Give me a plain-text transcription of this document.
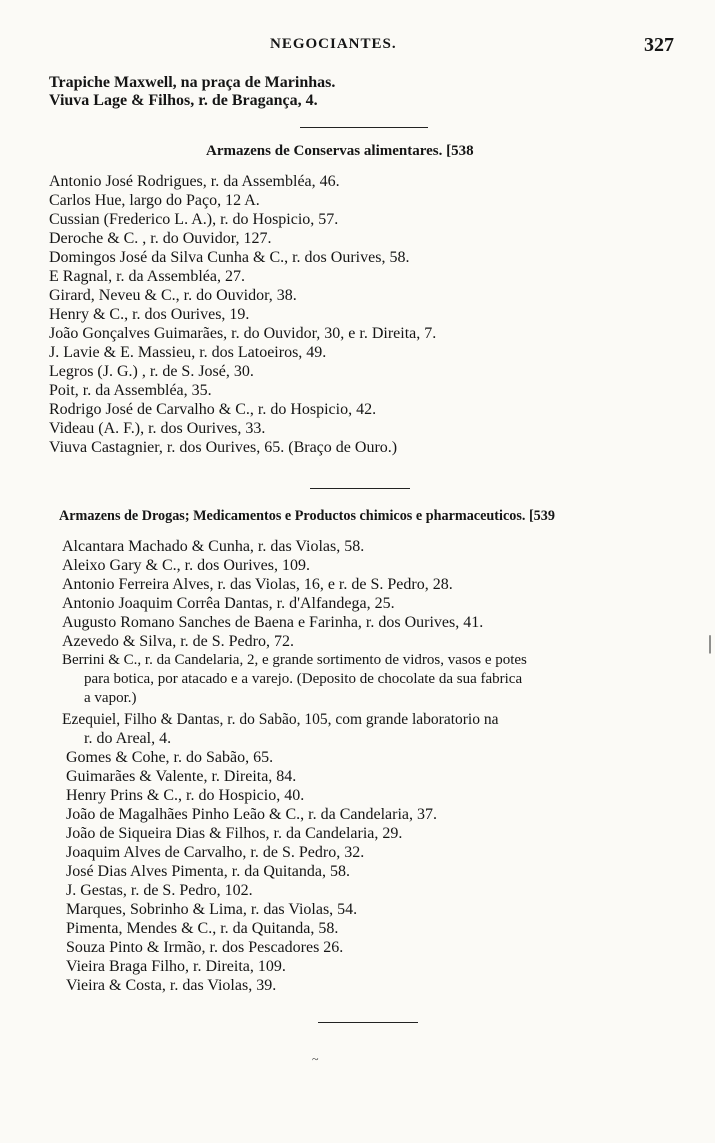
NEGOCIANTES.	327
Trapiche Maxwell, na praça de Marinhas.
Viuva Lage & Filhos, r. de Bragança, 4.
Armazens de Conservas alimentares. [538
Antonio José Rodrigues, r. da Assembléa, 46.
Carlos Hue, largo do Paço, 12 A.
Cussian (Frederico L. A.), r. do Hospicio, 57.
Deroche & C. , r. do Ouvidor, 127.
Domingos José da Silva Cunha & C., r. dos Ourives, 58.
E Ragnal, r. da Assembléa, 27.
Girard, Neveu & C., r. do Ouvidor, 38.
Henry & C., r. dos Ourives, 19.
João Gonçalves Guimarães, r. do Ouvidor, 30, e r. Direita, 7.
J. Lavie & E. Massieu, r. dos Latoeiros, 49.
Legros (J. G.) , r. de S. José, 30.
Poit, r. da Assembléa, 35.
Rodrigo José de Carvalho & C., r. do Hospicio, 42.
Videau (A. F.), r. dos Ourives, 33.
Viuva Castagnier, r. dos Ourives, 65. (Braço de Ouro.)
Armazens de Drogas; Medicamentos e Productos chimicos e pharmaceuticos. [539
Alcantara Machado & Cunha, r. das Violas, 58.
Aleixo Gary & C., r. dos Ourives, 109.
Antonio Ferreira Alves, r. das Violas, 16, e r. de S. Pedro, 28.
Antonio Joaquim Corrêa Dantas, r. d'Alfandega, 25.
Augusto Romano Sanches de Baena e Farinha, r. dos Ourives, 41.
Azevedo & Silva, r. de S. Pedro, 72.
Berrini & C., r. da Candelaria, 2, e grande sortimento de vidros, vasos e potes
para botica, por atacado e a varejo. (Deposito de chocolate da sua fabrica
a vapor.)
Ezequiel, Filho & Dantas, r. do Sabão, 105, com grande laboratorio na
r. do Areal, 4.
Gomes & Cohe, r. do Sabão, 65.
Guimarães & Valente, r. Direita, 84.
Henry Prins & C., r. do Hospicio, 40.
João de Magalhães Pinho Leão & C., r. da Candelaria, 37.
João de Siqueira Dias & Filhos, r. da Candelaria, 29.
Joaquim Alves de Carvalho, r. de S. Pedro, 32.
José Dias Alves Pimenta, r. da Quitanda, 58.
J. Gestas, r. de S. Pedro, 102.
Marques, Sobrinho & Lima, r. das Violas, 54.
Pimenta, Mendes & C., r. da Quitanda, 58.
Souza Pinto & Irmão, r. dos Pescadores 26.
Vieira Braga Filho, r. Direita, 109.
Vieira & Costa, r. das Violas, 39.
|
~
